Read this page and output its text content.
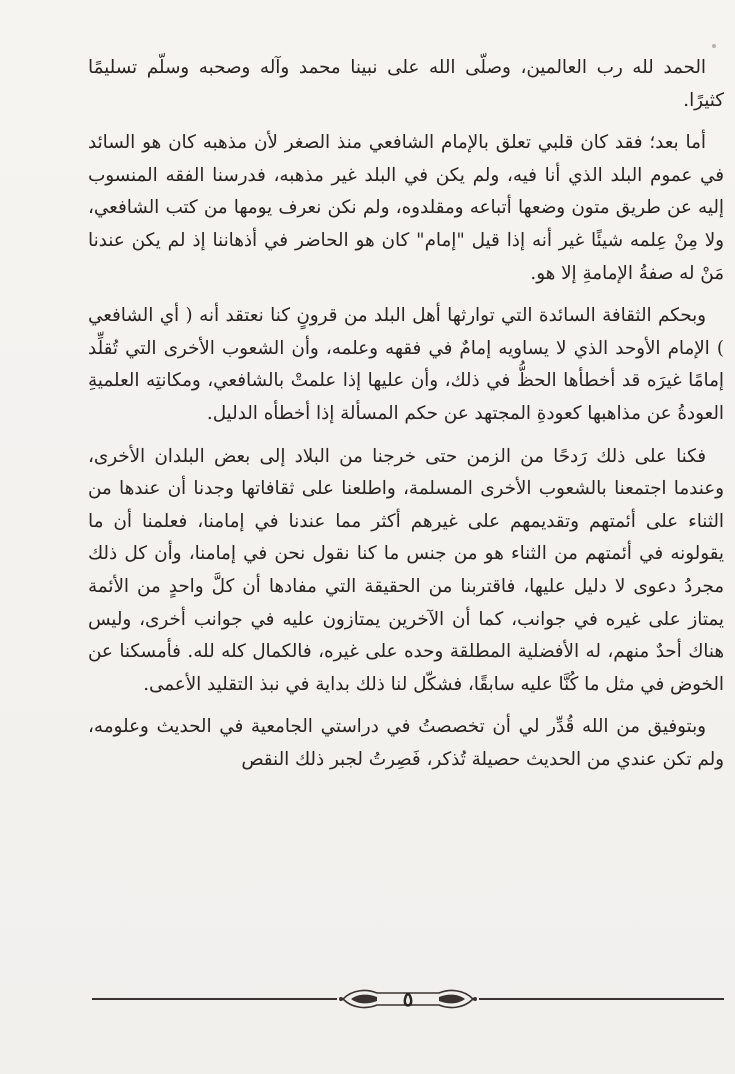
الحمد لله رب العالمين، وصلّى الله على نبينا محمد وآله وصحبه وسلّم تسليمًا كثيرًا.

أما بعد؛ فقد كان قلبي تعلق بالإمام الشافعي منذ الصغر لأن مذهبه كان هو السائد في عموم البلد الذي أنا فيه، ولم يكن في البلد غير مذهبه، فدرسنا الفقه المنسوب إليه عن طريق متون وضعها أتباعه ومقلدوه، ولم نكن نعرف يومها من كتب الشافعي، ولا مِنْ عِلمه شيئًا غير أنه إذا قيل "إمام" كان هو الحاضر في أذهاننا إذ لم يكن عندنا مَنْ له صفةُ الإمامةِ إلا هو.

وبحكم الثقافة السائدة التي توارثها أهل البلد من قرونٍ كنا نعتقد أنه ( أي الشافعي ) الإمام الأوحد الذي لا يساويه إمامٌ في فقهه وعلمه، وأن الشعوب الأخرى التي تُقلِّد إمامًا غيرَه قد أخطأها الحظُّ في ذلك، وأن عليها إذا علمتْ بالشافعي، ومكانتِه العلميةِ العودةُ عن مذاهبها كعودةِ المجتهد عن حكم المسألة إذا أخطأه الدليل.

فكنا على ذلك رَدحًا من الزمن حتى خرجنا من البلاد إلى بعض البلدان الأخرى، وعندما اجتمعنا بالشعوب الأخرى المسلمة، واطلعنا على ثقافاتها وجدنا أن عندها من الثناء على أئمتهم وتقديمهم على غيرهم أكثر مما عندنا في إمامنا، فعلمنا أن ما يقولونه في أئمتهم من الثناء هو من جنس ما كنا نقول نحن في إمامنا، وأن كل ذلك مجردُ دعوى لا دليل عليها، فاقتربنا من الحقيقة التي مفادها أن كلَّ واحدٍ من الأئمة يمتاز على غيره في جوانب، كما أن الآخرين يمتازون عليه في جوانب أخرى، وليس هناك أحدٌ منهم، له الأفضلية المطلقة وحده على غيره، فالكمال كله لله. فأمسكنا عن الخوض في مثل ما كُنَّا عليه سابقًا، فشكّل لنا ذلك بداية في نبذ التقليد الأعمى.

وبتوفيق من الله قُدِّر لي أن تخصصتُ في دراستي الجامعية في الحديث وعلومه، ولم تكن عندي من الحديث حصيلة تُذكر، فَصِرتُ لجبر ذلك النقص

٥
